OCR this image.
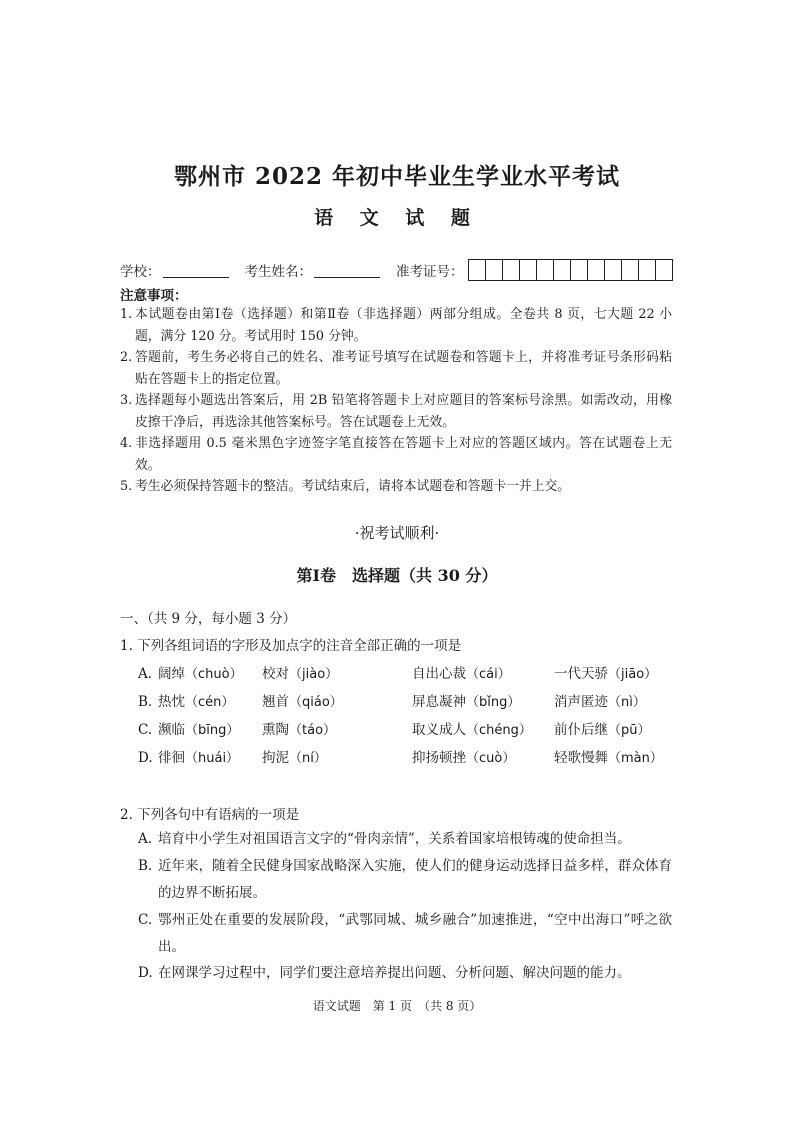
鄂州市 2022 年初中毕业生学业水平考试
语 文 试 题
学校：	考生姓名：	准考证号：
注意事项：
1. 本试题卷由第Ⅰ卷（选择题）和第Ⅱ卷（非选择题）两部分组成。全卷共 8 页，七大题 22 小题，满分 120 分。考试用时 150 分钟。
2. 答题前，考生务必将自己的姓名、准考证号填写在试题卷和答题卡上，并将准考证号条形码粘贴在答题卡上的指定位置。
3. 选择题每小题选出答案后，用 2B 铅笔将答题卡上对应题目的答案标号涂黑。如需改动，用橡皮擦干净后，再选涂其他答案标号。答在试题卷上无效。
4. 非选择题用 0.5 毫米黑色字迹签字笔直接答在答题卡上对应的答题区域内。答在试题卷上无效。
5. 考生必须保持答题卡的整洁。考试结束后，请将本试题卷和答题卡一并上交。
·祝考试顺利·
第Ⅰ卷　选择题（共 30 分）
一、（共 9 分，每小题 3 分）
1. 下列各组词语的字形及加点字的注音全部正确的一项是
A. 阔绰（chuò）	校对（jiào）	自出心裁（cái）	一代天骄（jiāo）
B. 热忱（cén）	翘首（qiáo）	屏息凝神（bǐng）	消声匿迹（nì）
C. 濒临（bīng）	熏陶（táo）	取义成人（chéng）	前仆后继（pū）
D. 徘徊（huái）	拘泥（ní）	抑扬顿挫（cuò）	轻歌慢舞（màn）
2. 下列各句中有语病的一项是
A. 培育中小学生对祖国语言文字的“骨肉亲情”，关系着国家培根铸魂的使命担当。
B. 近年来，随着全民健身国家战略深入实施，使人们的健身运动选择日益多样，群众体育的边界不断拓展。
C. 鄂州正处在重要的发展阶段，“武鄂同城、城乡融合”加速推进，“空中出海口”呼之欲出。
D. 在网课学习过程中，同学们要注意培养提出问题、分析问题、解决问题的能力。
语文试题　第 1 页　（共 8 页）
